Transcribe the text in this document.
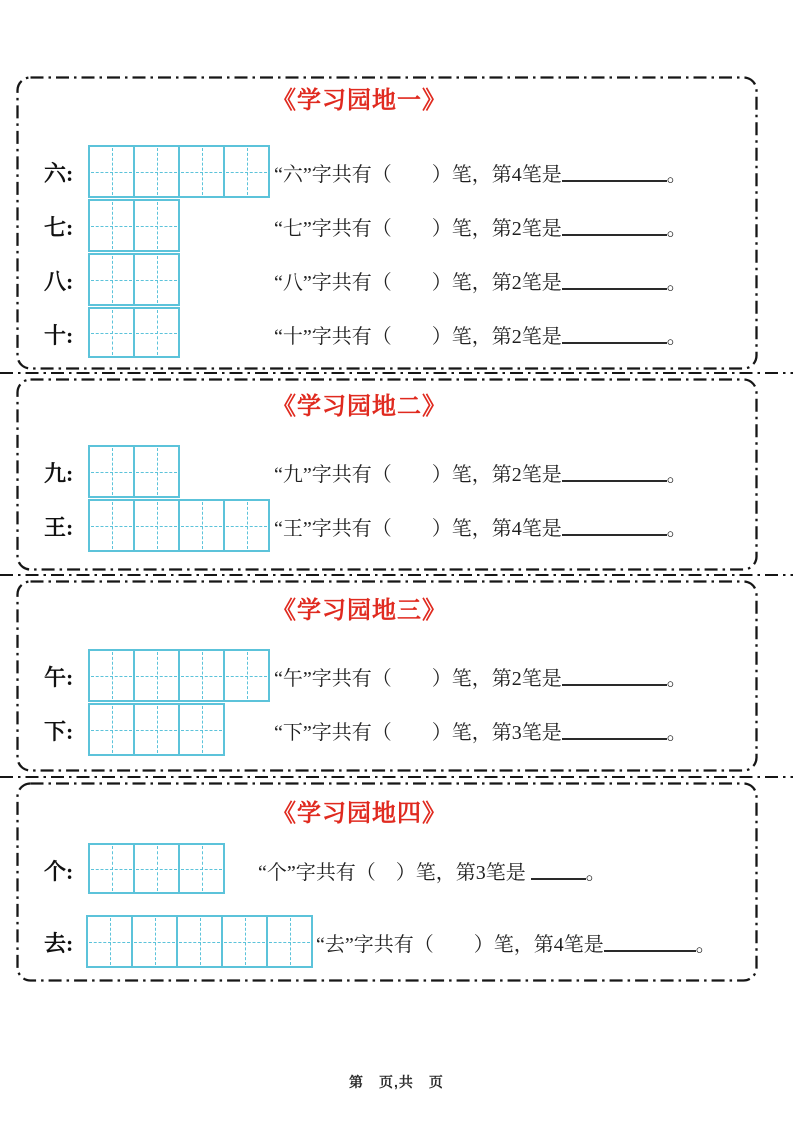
《学习园地一》
六:	“六”字共有（　　）笔，第4笔是	。
七:	“七”字共有（　　）笔，第2笔是	。
八:	“八”字共有（　　）笔，第2笔是	。
十:	“十”字共有（　　）笔，第2笔是	。
《学习园地二》
九:	“九”字共有（　　）笔，第2笔是	。
王:	“王”字共有（　　）笔，第4笔是	。
《学习园地三》
午:	“午”字共有（　　）笔，第2笔是	。
下:	“下”字共有（　　）笔，第3笔是	。
《学习园地四》
个:	“个”字共有（　）笔，第3笔是	。
去:	“去”字共有（　　）笔，第4笔是	。
第　页,共　页
